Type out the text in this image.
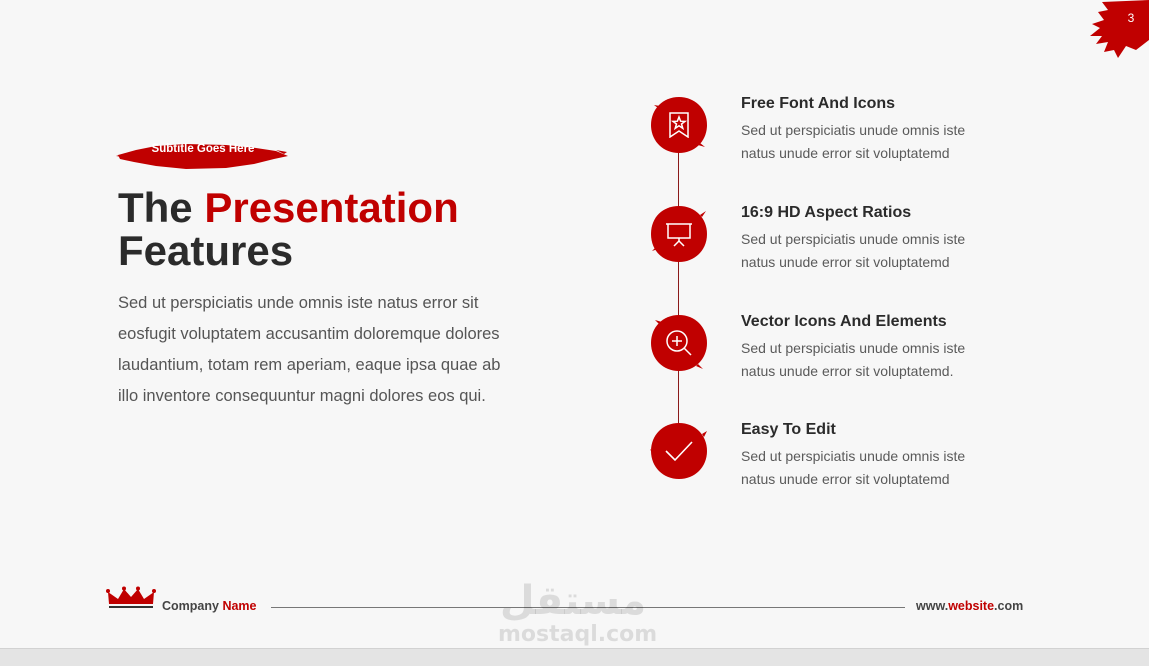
3
Subtitle Goes Here
The Presentation
Features
Sed ut perspiciatis unde omnis iste natus error sit eosfugit voluptatem accusantim doloremque dolores laudantium, totam rem aperiam, eaque ipsa quae ab illo inventore consequuntur magni dolores eos qui.
Free Font And Icons
Sed ut perspiciatis unude omnis iste natus unude error sit voluptatemd
16:9 HD Aspect Ratios
Sed ut perspiciatis unude omnis iste natus unude error sit voluptatemd
Vector Icons And Elements
Sed ut perspiciatis unude omnis iste natus unude error sit voluptatemd.
Easy To Edit
Sed ut perspiciatis unude omnis iste natus unude error sit voluptatemd
Company Name	مستقل
mostaql.com
www.website.com
